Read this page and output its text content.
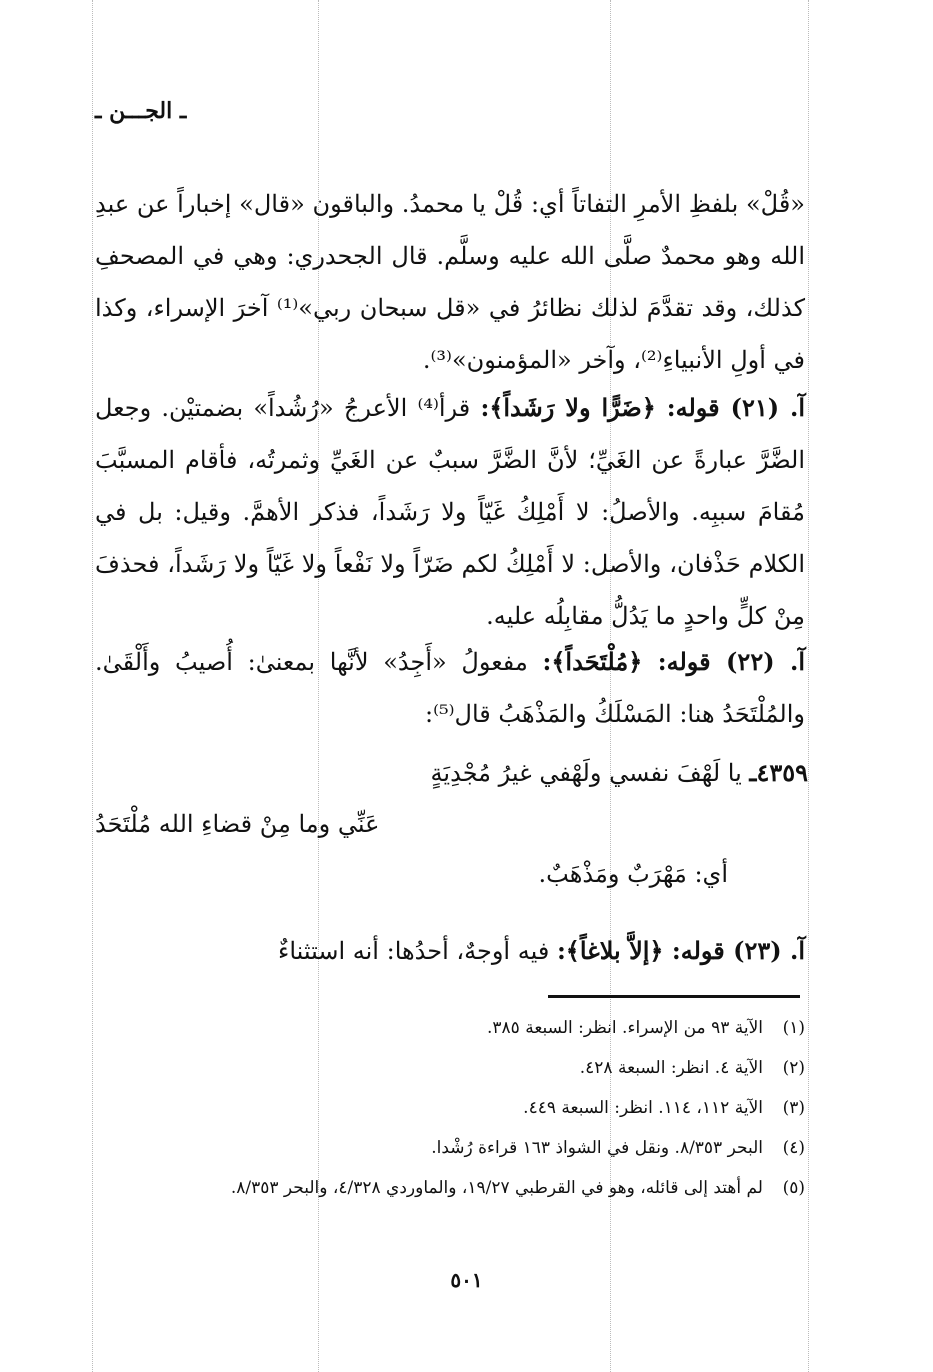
ـ الجـــن ـ

«قُلْ» بلفظِ الأمرِ التفاتاً أي: قُلْ يا محمدُ. والباقون «قال» إخباراً عن عبدِ الله وهو محمدٌ صلَّى الله عليه وسلَّم. قال الجحدري: وهي في المصحفِ كذلك، وقد تقدَّمَ لذلك نظائرُ في «قل سبحان ربي»⁽¹⁾ آخرَ الإسراء، وكذا في أولِ الأنبياءِ⁽²⁾، وآخر «المؤمنون»⁽³⁾.

آ. (٢١) قوله: ﴿ضَرًّا ولا رَشَداً﴾: قرأ⁽⁴⁾ الأعرجُ «رُشُداً» بضمتيْن. وجعل الضَّرَّ عبارةً عن الغَيِّ؛ لأنَّ الضَّرَّ سببٌ عن الغَيِّ وثمرتُه، فأقام المسبَّبَ مُقامَ سببِه. والأصلُ: لا أَمْلِكُ غَيّاً ولا رَشَداً، فذكر الأهمَّ. وقيل: بل في الكلام حَذْفان، والأصل: لا أَمْلِكُ لكم ضَرّاً ولا نَفْعاً ولا غَيّاً ولا رَشَداً، فحذفَ مِنْ كلٍّ واحدٍ ما يَدُلُّ مقابِلُه عليه.

آ. (٢٢) قوله: ﴿مُلْتَحَداً﴾: مفعولُ «أَجِدُ» لأنَّها بمعنىٰ: أُصيبُ وأَلْقَىٰ. والمُلْتَحَدُ هنا: المَسْلَكُ والمَذْهَبُ قال⁽⁵⁾:

٤٣٥٩ـ يا لَهْفَ نفسي ولَهْفي غيرُ مُجْدِيَةٍ
عَنِّي وما مِنْ قضاءِ الله مُلْتَحَدُ
أي: مَهْرَبٌ ومَذْهَبٌ.

آ. (٢٣) قوله: ﴿إلاَّ بلاغاً﴾: فيه أوجهٌ، أحدُها: أنه استثناءٌ

(١)
الآية ٩٣ من الإسراء. انظر: السبعة ٣٨٥.
(٢)
الآية ٤. انظر: السبعة ٤٢٨.
(٣)
الآية ١١٢، ١١٤. انظر: السبعة ٤٤٩.
(٤)
البحر ٨/٣٥٣. ونقل في الشواذ ١٦٣ قراءة رُشْدا.
(٥)
لم أهتد إلى قائله، وهو في القرطبي ١٩/٢٧، والماوردي ٤/٣٢٨، والبحر ٨/٣٥٣.
٥٠١
